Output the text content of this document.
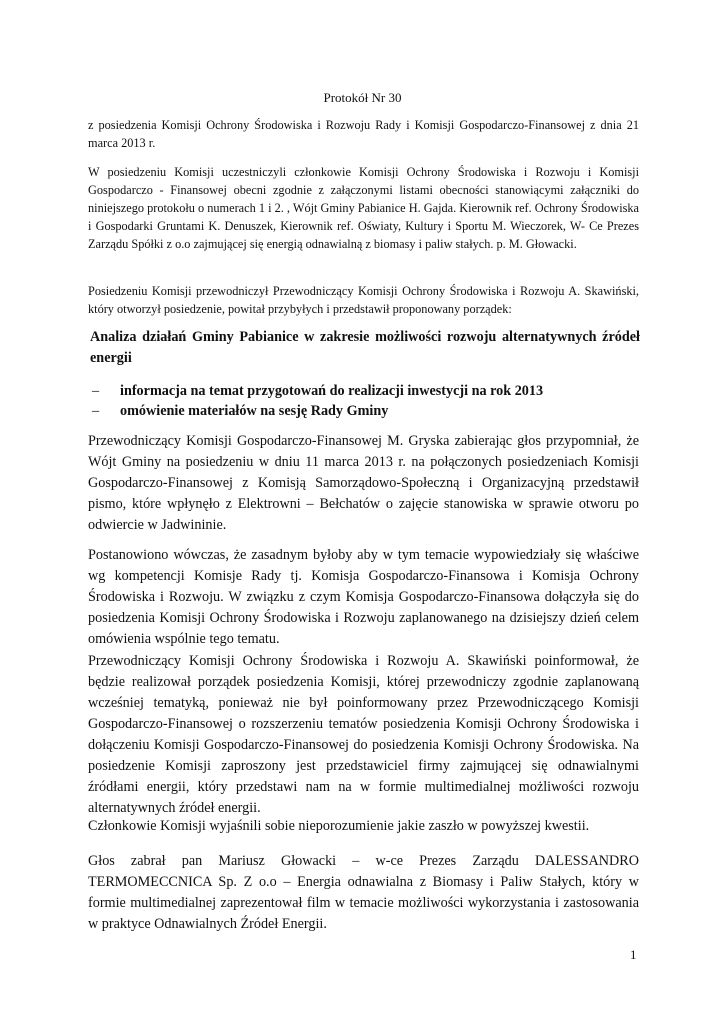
Protokół Nr 30

z posiedzenia Komisji Ochrony Środowiska i Rozwoju Rady i Komisji Gospodarczo-Finansowej z dnia 21 marca 2013 r.

W posiedzeniu Komisji uczestniczyli członkowie Komisji Ochrony Środowiska i Rozwoju i Komisji Gospodarczo - Finansowej obecni zgodnie z załączonymi listami obecności stanowiącymi załączniki do niniejszego protokołu o numerach 1 i 2. , Wójt Gminy Pabianice H. Gajda. Kierownik ref. Ochrony Środowiska i Gospodarki Gruntami K. Denuszek, Kierownik ref. Oświaty, Kultury i Sportu M. Wieczorek, W- Ce Prezes Zarządu Spółki z o.o zajmującej się energią odnawialną z biomasy i paliw stałych. p. M. Głowacki.

Posiedzeniu Komisji przewodniczył Przewodniczący Komisji Ochrony Środowiska i Rozwoju A. Skawiński, który otworzył posiedzenie, powitał przybyłych i przedstawił proponowany porządek:

Analiza działań Gminy Pabianice w zakresie możliwości rozwoju alternatywnych źródeł energii

– informacja na temat przygotowań do realizacji inwestycji na rok 2013
– omówienie materiałów na sesję Rady Gminy

Przewodniczący Komisji Gospodarczo-Finansowej M. Gryska zabierając głos przypomniał, że Wójt Gminy na posiedzeniu w dniu 11 marca 2013 r. na połączonych posiedzeniach Komisji Gospodarczo-Finansowej z Komisją Samorządowo-Społeczną i Organizacyjną przedstawił pismo, które wpłynęło z Elektrowni – Bełchatów o zajęcie stanowiska w sprawie otworu po odwiercie w Jadwininie.

Postanowiono wówczas, że zasadnym byłoby aby w tym temacie wypowiedziały się właściwe wg kompetencji Komisje Rady tj. Komisja Gospodarczo-Finansowa i Komisja Ochrony Środowiska i Rozwoju. W związku z czym Komisja Gospodarczo-Finansowa dołączyła się do posiedzenia Komisji Ochrony Środowiska i Rozwoju zaplanowanego na dzisiejszy dzień celem omówienia wspólnie tego tematu.

Przewodniczący Komisji Ochrony Środowiska i Rozwoju A. Skawiński poinformował, że będzie realizował porządek posiedzenia Komisji, której przewodniczy zgodnie zaplanowaną wcześniej tematyką, ponieważ nie był poinformowany przez Przewodniczącego Komisji Gospodarczo-Finansowej o rozszerzeniu tematów posiedzenia Komisji Ochrony Środowiska i dołączeniu Komisji Gospodarczo-Finansowej do posiedzenia Komisji Ochrony Środowiska. Na posiedzenie Komisji zaproszony jest przedstawiciel firmy zajmującej się odnawialnymi źródłami energii, który przedstawi nam na w formie multimedialnej możliwości rozwoju alternatywnych źródeł energii.

Członkowie Komisji wyjaśnili sobie nieporozumienie jakie zaszło w powyższej kwestii.

Głos zabrał pan Mariusz Głowacki – w-ce Prezes Zarządu DALESSANDRO TERMOMECCNICA Sp. Z o.o – Energia odnawialna z Biomasy i Paliw Stałych, który w formie multimedialnej zaprezentował film w temacie możliwości wykorzystania i zastosowania w praktyce Odnawialnych Źródeł Energii.

1
